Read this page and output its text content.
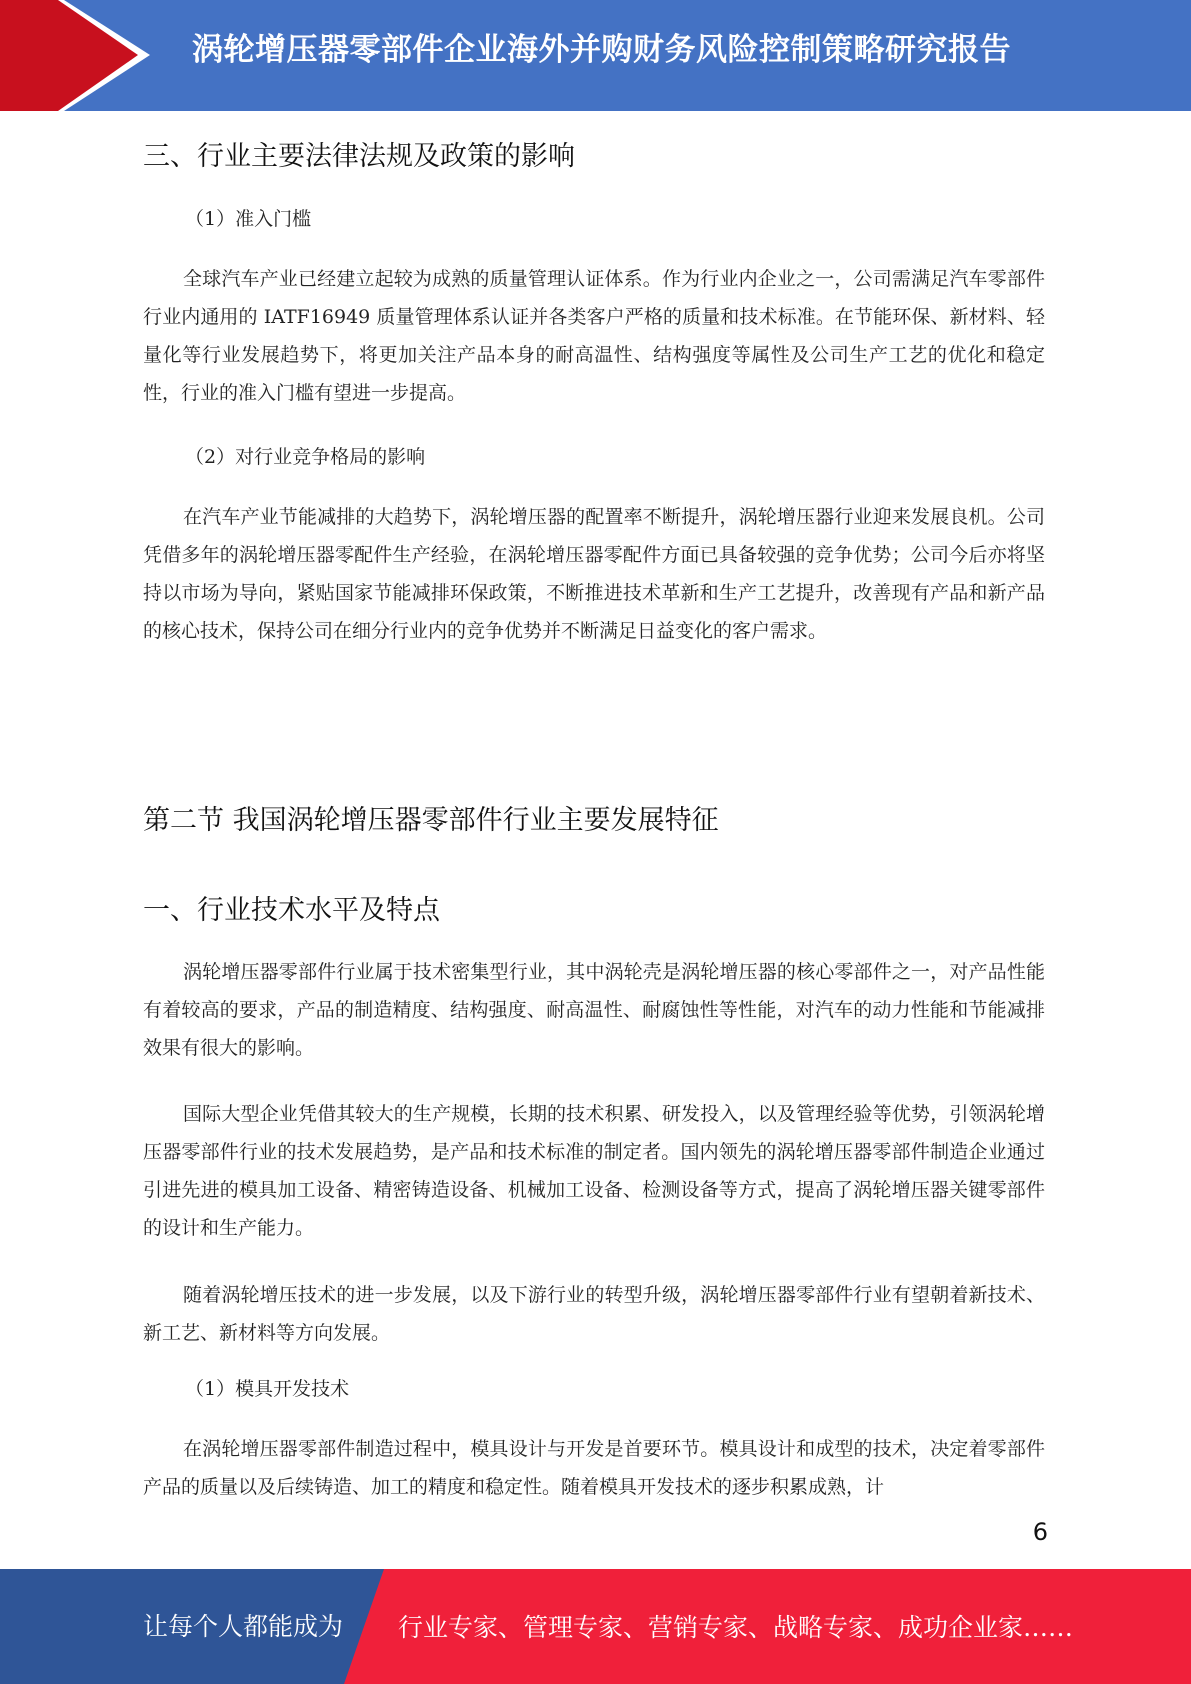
涡轮增压器零部件企业海外并购财务风险控制策略研究报告
三、行业主要法律法规及政策的影响
（1）准入门槛

全球汽车产业已经建立起较为成熟的质量管理认证体系。作为行业内企业之一，公司需满足汽车零部件行业内通用的 IATF16949 质量管理体系认证并各类客户严格的质量和技术标准。在节能环保、新材料、轻量化等行业发展趋势下，将更加关注产品本身的耐高温性、结构强度等属性及公司生产工艺的优化和稳定性，行业的准入门槛有望进一步提高。

（2）对行业竞争格局的影响

在汽车产业节能减排的大趋势下，涡轮增压器的配置率不断提升，涡轮增压器行业迎来发展良机。公司凭借多年的涡轮增压器零配件生产经验，在涡轮增压器零配件方面已具备较强的竞争优势；公司今后亦将坚持以市场为导向，紧贴国家节能减排环保政策，不断推进技术革新和生产工艺提升，改善现有产品和新产品的核心技术，保持公司在细分行业内的竞争优势并不断满足日益变化的客户需求。

第二节 我国涡轮增压器零部件行业主要发展特征
一、行业技术水平及特点

涡轮增压器零部件行业属于技术密集型行业，其中涡轮壳是涡轮增压器的核心零部件之一，对产品性能有着较高的要求，产品的制造精度、结构强度、耐高温性、耐腐蚀性等性能，对汽车的动力性能和节能减排效果有很大的影响。

国际大型企业凭借其较大的生产规模，长期的技术积累、研发投入，以及管理经验等优势，引领涡轮增压器零部件行业的技术发展趋势，是产品和技术标准的制定者。国内领先的涡轮增压器零部件制造企业通过引进先进的模具加工设备、精密铸造设备、机械加工设备、检测设备等方式，提高了涡轮增压器关键零部件的设计和生产能力。

随着涡轮增压技术的进一步发展，以及下游行业的转型升级，涡轮增压器零部件行业有望朝着新技术、新工艺、新材料等方向发展。

（1）模具开发技术

在涡轮增压器零部件制造过程中，模具设计与开发是首要环节。模具设计和成型的技术，决定着零部件产品的质量以及后续铸造、加工的精度和稳定性。随着模具开发技术的逐步积累成熟，计

6
让每个人都能成为 行业专家、管理专家、营销专家、战略专家、成功企业家……
